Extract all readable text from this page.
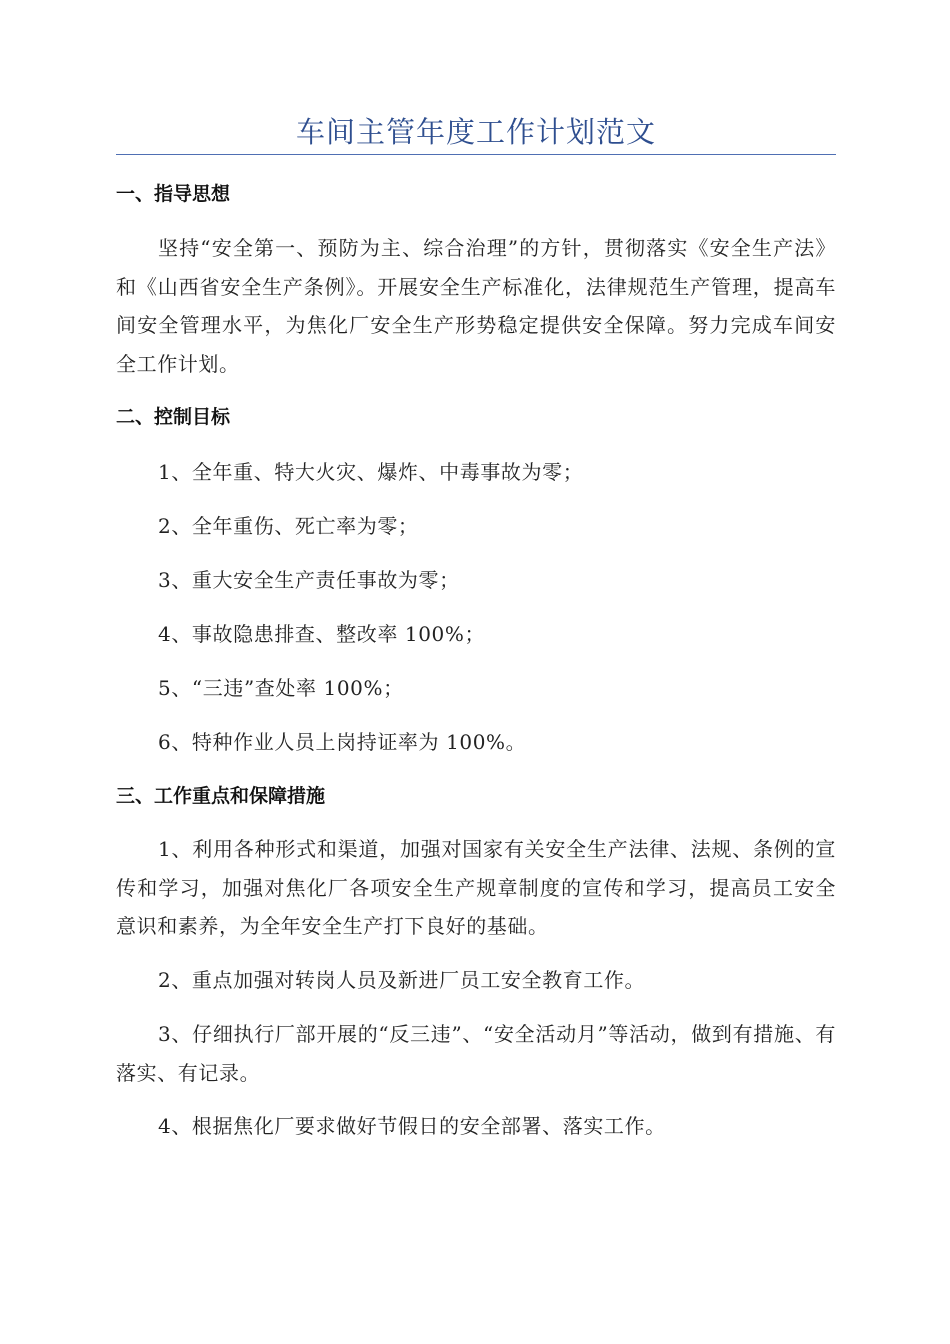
车间主管年度工作计划范文
一、指导思想
坚持“安全第一、预防为主、综合治理”的方针，贯彻落实《安全生产法》和《山西省安全生产条例》。开展安全生产标准化，法律规范生产管理，提高车间安全管理水平，为焦化厂安全生产形势稳定提供安全保障。努力完成车间安全工作计划。
二、控制目标
1、全年重、特大火灾、爆炸、中毒事故为零；
2、全年重伤、死亡率为零；
3、重大安全生产责任事故为零；
4、事故隐患排查、整改率 100%；
5、“三违”查处率 100%；
6、特种作业人员上岗持证率为 100%。
三、工作重点和保障措施
1、利用各种形式和渠道，加强对国家有关安全生产法律、法规、条例的宣传和学习，加强对焦化厂各项安全生产规章制度的宣传和学习，提高员工安全意识和素养，为全年安全生产打下良好的基础。
2、重点加强对转岗人员及新进厂员工安全教育工作。
3、仔细执行厂部开展的“反三违”、“安全活动月”等活动，做到有措施、有落实、有记录。
4、根据焦化厂要求做好节假日的安全部署、落实工作。
